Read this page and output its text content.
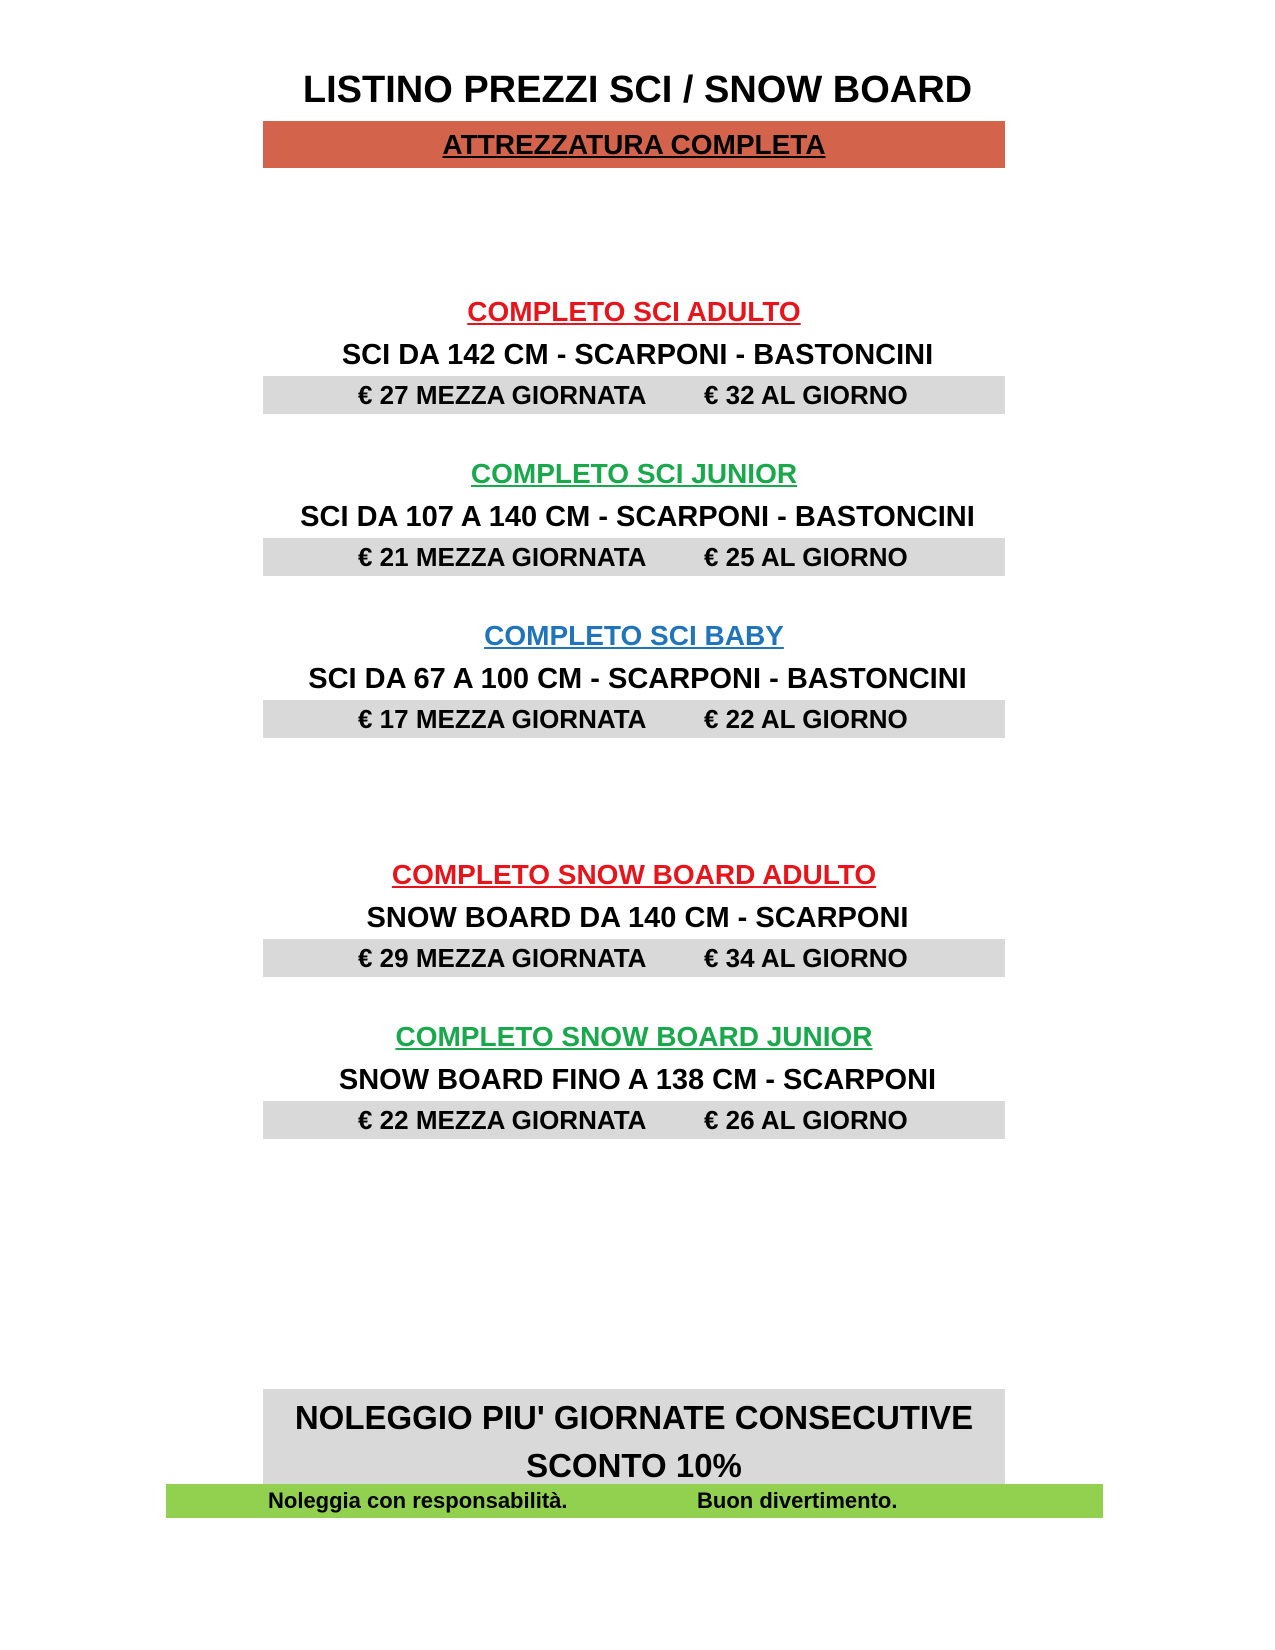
LISTINO PREZZI SCI / SNOW BOARD
ATTREZZATURA COMPLETA
COMPLETO SCI ADULTO
SCI DA 142 CM - SCARPONI - BASTONCINI
€ 27 MEZZA GIORNATA € 32 AL GIORNO
COMPLETO SCI JUNIOR
SCI DA 107 A 140 CM - SCARPONI - BASTONCINI
€ 21 MEZZA GIORNATA € 25 AL GIORNO
COMPLETO SCI BABY
SCI DA 67 A 100 CM - SCARPONI - BASTONCINI
€ 17 MEZZA GIORNATA € 22 AL GIORNO
COMPLETO SNOW BOARD ADULTO
SNOW BOARD DA 140 CM - SCARPONI
€ 29 MEZZA GIORNATA € 34 AL GIORNO
COMPLETO SNOW BOARD JUNIOR
SNOW BOARD FINO A 138 CM - SCARPONI
€ 22 MEZZA GIORNATA € 26 AL GIORNO
NOLEGGIO PIU' GIORNATE CONSECUTIVE
SCONTO 10%
Noleggia con responsabilità.	Buon divertimento.
